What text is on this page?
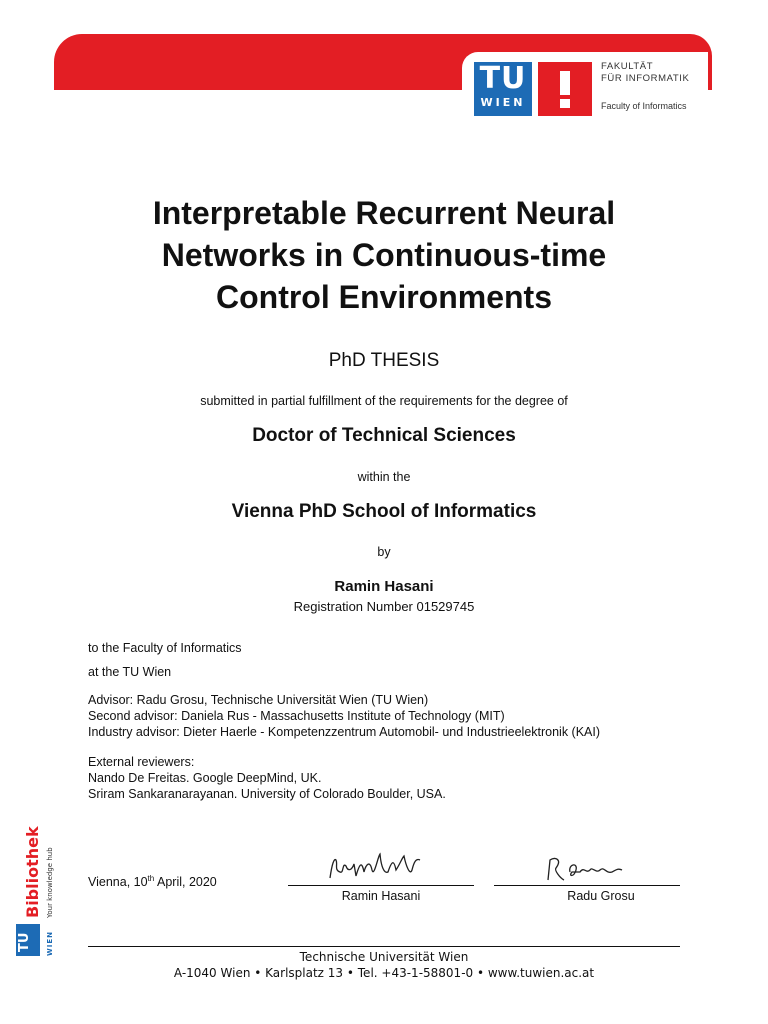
TU
WIEN
FAKULTÄT
FÜR INFORMATIK
Faculty of Informatics
Interpretable Recurrent Neural
Networks in Continuous-time
Control Environments
PhD THESIS
submitted in partial fulfillment of the requirements for the degree of
Doctor of Technical Sciences
within the
Vienna PhD School of Informatics
by
Ramin Hasani
Registration Number 01529745
to the Faculty of Informatics
at the TU Wien
Advisor: Radu Grosu, Technische Universität Wien (TU Wien)
Second advisor: Daniela Rus - Massachusetts Institute of Technology (MIT)
Industry advisor: Dieter Haerle - Kompetenzzentrum Automobil- und Industrieelektronik (KAI)
External reviewers:
Nando De Freitas. Google DeepMind, UK.
Sriram Sankaranarayanan. University of Colorado Boulder, USA.
Vienna, 10th April, 2020
Ramin Hasani	Radu Grosu
Technische Universität Wien
A-1040 Wien • Karlsplatz 13 • Tel. +43-1-58801-0 • www.tuwien.ac.at
TU WIEN
Bibliothek Your knowledge hub
